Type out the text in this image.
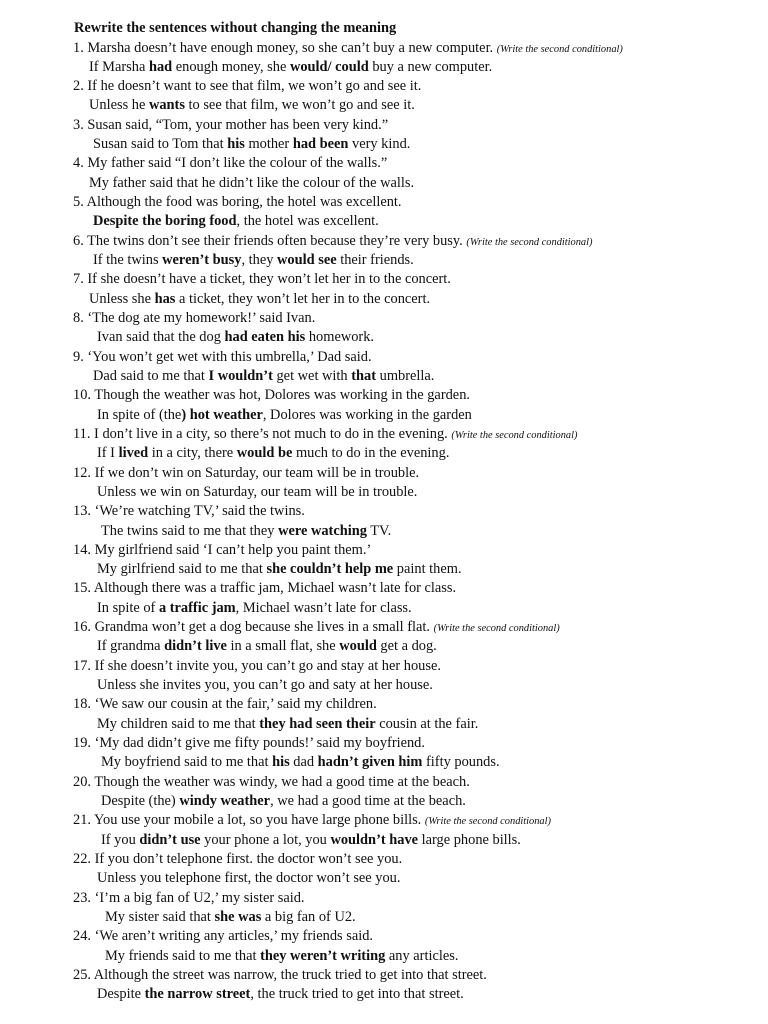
Rewrite the sentences without changing the meaning
1. Marsha doesn’t have enough money, so she can’t buy a new computer. (Write the second conditional)
If Marsha had enough money, she would/ could buy a new computer.
2. If he doesn’t want to see that film, we won’t go and see it.
Unless he wants to see that film, we won’t go and see it.
3. Susan said, “Tom, your mother has been very kind.”
Susan said to Tom that his mother had been very kind.
4. My father said “I don’t like the colour of the walls.”
My father said that he didn’t like the colour of the walls.
5. Although the food was boring, the hotel was excellent.
Despite the boring food, the hotel was excellent.
6. The twins don’t see their friends often because they’re very busy. (Write the second conditional)
If the twins weren’t busy, they would see their friends.
7. If she doesn’t have a ticket, they won’t let her in to the concert.
Unless she has a ticket, they won’t let her in to the concert.
8. ‘The dog ate my homework!’ said Ivan.
Ivan said that the dog had eaten his homework.
9. ‘You won’t get wet with this umbrella,’ Dad said.
Dad said to me that I wouldn’t get wet with that umbrella.
10. Though the weather was hot, Dolores was working in the garden.
In spite of (the) hot weather, Dolores was working in the garden
11. I don’t live in a city, so there’s not much to do in the evening. (Write the second conditional)
If I lived in a city, there would be much to do in the evening.
12. If we don’t win on Saturday, our team will be in trouble.
Unless we win on Saturday, our team will be in trouble.
13. ‘We’re watching TV,’ said the twins.
The twins said to me that they were watching TV.
14. My girlfriend said ‘I can’t help you paint them.’
My girlfriend said to me that she couldn’t help me paint them.
15. Although there was a traffic jam, Michael wasn’t late for class.
In spite of a traffic jam, Michael wasn’t late for class.
16. Grandma won’t get a dog because she lives in a small flat. (Write the second conditional)
If grandma didn’t live in a small flat, she would get a dog.
17. If she doesn’t invite you, you can’t go and stay at her house.
Unless she invites you, you can’t go and saty at her house.
18. ‘We saw our cousin at the fair,’ said my children.
My children said to me that they had seen their cousin at the fair.
19. ‘My dad didn’t give me fifty pounds!’ said my boyfriend.
My boyfriend said to me that his dad hadn’t given him fifty pounds.
20. Though the weather was windy, we had a good time at the beach.
Despite (the) windy weather, we had a good time at the beach.
21. You use your mobile a lot, so you have large phone bills. (Write the second conditional)
If you didn’t use your phone a lot, you wouldn’t have large phone bills.
22. If you don’t telephone first. the doctor won’t see you.
Unless you telephone first, the doctor won’t see you.
23. ‘I’m a big fan of U2,’ my sister said.
My sister said that she was a big fan of U2.
24. ‘We aren’t writing any articles,’ my friends said.
My friends said to me that they weren’t writing any articles.
25. Although the street was narrow, the truck tried to get into that street.
Despite the narrow street, the truck tried to get into that street.
